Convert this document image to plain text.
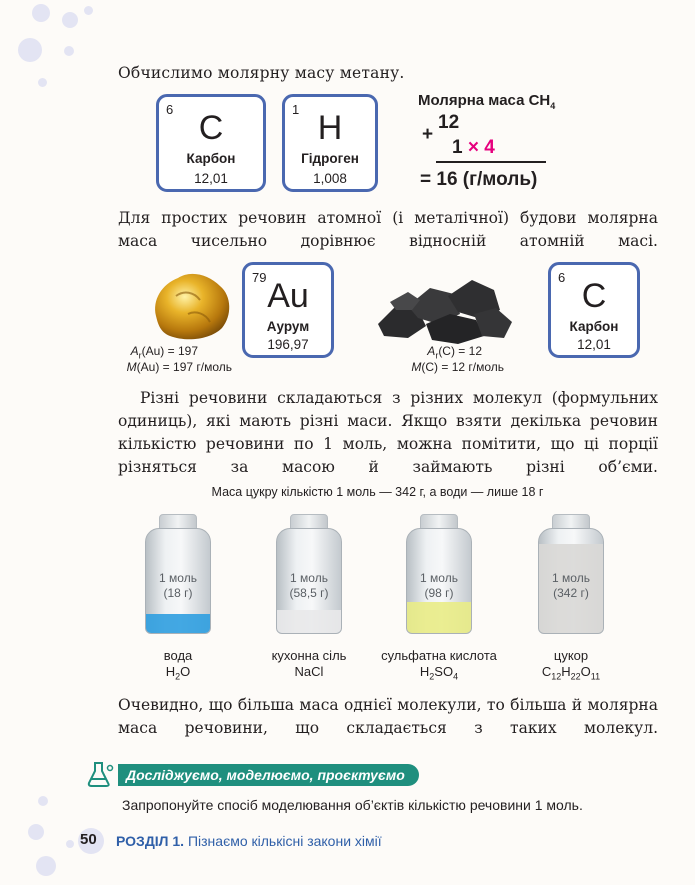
Обчислимо молярну масу метану.
6 C
Карбон
12,01
1 H
Гідроген
1,008
Молярна маса $CH_4$
+
12
1 × 4
= 16 (г/моль)
Для простих речовин атомної (і металічної) будови молярна маса чисельно дорівнює відносній атомній масі.
$A_r(Au) = 197$
M(Au) = 197 г/моль
79 Au
Аурум
196,97	$A_r(C) = 12$
M(C) = 12 г/моль
6 C
Карбон
12,01
Різні речовини складаються з різних молекул (формульних одиниць), які мають різні маси. Якщо взяти декілька речовин кількістю речовини по 1 моль, можна помітити, що ці порції різняться за масою й займають різні об’єми.
Маса цукру кількістю 1 моль — 342 г, а води — лише 18 г
1 моль
(18 г)
1 моль
(58,5 г)
1 моль
(98 г)
1 моль
(342 г)
вода
$H_2O$
кухонна сіль
NaCl
сульфатна кислота
$H_2SO_4$
цукор
$C_{12}H_{22}O_{11}$
Очевидно, що більша маса однієї молекули, то більша й молярна маса речовини, що складається з таких молекул.
Досліджуємо, моделюємо, проєктуємо
Запропонуйте спосіб моделювання об’єктів кількістю речовини 1 моль.
50 РОЗДІЛ 1. Пізнаємо кількісні закони хімії
